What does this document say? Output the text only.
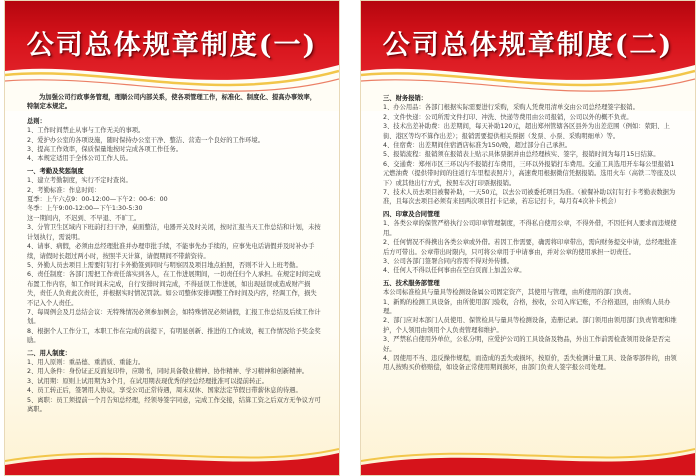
公司总体规章制度(一)
为加强公司行政事务管理，理顺公司内部关系，使各项管理工作，标准化、制度化、提高办事效率，特制定本规定。
总则：
1、工作时间禁止从事与工作无关的事项。
2、爱护办公室的各项设施，随时保持办公室干净、整洁、营造一个良好的工作环境。
3、提高工作效率，保质保量地按时完成各项工作任务。
4、本规定适用于全体公司工作人员。
一、考勤及奖惩制度
1、建立考勤制度，实行不定时查岗。
2、考勤标准：作息时间：
夏季：上午六点9：00-12:00—下午2：00-6：00
冬季：上午9:00-12:00—下午1:30-5:30
这一期间内，不迟到、不早退、不旷工。
3、分管卫生区域内下班前打扫干净，桌面整洁，电器开关及时关闭，按时汇报当天工作总结和计划，未按计划执行，需说明。
4、请事、病假，必须由总经理批准并办理审批手续，不能事先办手续的，应事先电话请假并及时补办手续，请假时长超过两小时，按照半天计算，请假期间不带薪资待。
5、外勤人员去项目上需要钉钉打卡外勤签到同时与明察因及项目地点拍照，否则不计入上班考勤。
6、责任制度：各部门需把工作责任落实到各人，在工作进展期间，一切责任归个人承担。在规定时间完成布置工作内容，如工作时间未完成，自行安排时间完成，不得延误工作进展，如出现延误或造成财产损失，责任人负责此次责任，并根据实时情况罚款。如公司整体安排调整工作时间及内容，经调工作，损失不记入个人责任。
7、每周例会及月总结会议：无特殊情况必须参加例会，如特殊情况必须请假，汇报工作总结及后续工作计划。
8、根据个人工作分工，本职工作在完成的前提下，有明显创新、推进的工作成效，视工作情况给予奖金奖励。
二、用人制度：
1、用人原则：重品德、重潜质、重能力。
2、用人条件：身份证正反面复印件，应聘书，同时具备敬业精神、协作精神、学习精神和创新精神。
3、试用期：原则上试用期为3个月，在试用期表现优秀的经总经理批准可以提前转正。
4、员工转正后，签署用人协议，享受公司正常待遇，周末双休、国家法定节假日带薪休息的待遇。
5、离职：员工须提前一个月告知总经理，经领导签字同意，完成工作交接，结算工资之后双方无争议方可离职。
公司总体规章制度(二)
三、财务报销：
1、办公用品：各部门根据实际需要进行采购，采购人凭费用清单交由公司总经理签字报销。
2、文件快递：公司所需文件打印、冲洗、快递等费用由公司报销，公司以外的概不负责。
3、技术出差补助费：出差期间，每天补助120元，超出郑州管辖各区县外为出差范围（例如：荥阳、上街、港区等均不算作出差）；报销需要提供相关票据（发票、小票、采购明细单）等。
4、住宿费：出差期间住宿酒店标准为150/晚，超过部分自己承担。
5、报销流程：报销须在报销表上贴示具体票据并由总经理核实、签字，报销时间为每月15日结算。
6、交通费：郑州市区三环以内不报销打车费用，三环以外报销打车费用。交通工具选用开车每公里报销1元燃油费（提供带时间的往返行车里程表照片），高速费用根据微信凭据报销。选用火车（高铁二等座及以下）或其他出行方式，按照车次打印票据报销。
7、技术人员去项目被餐补助，一天50元，以去公司被委托项目为准。（被餐补助以钉钉打卡考勤表数据为准，且每次去项目必须有来回两次项目打卡记录，若忘记打卡，每月有4次补卡机会）
四、印章及合同管理
1、各类公章的保管严格执行公司印章管理制度，不得私自使用公章，不得外借，不因任何人要求而违规使用。
2、任何情况不得携出各类公章或外借。若因工作需要，确需将印章带出，需向财务提交申请，总经理批准后方可带出。公章带出时限内，只可将公章用于申请事由，并对公章的使用承担一切责任。
3、公司各部门签署合同内容需不得对外传播。
4、任何人不得以任何事由在空白页面上加盖公章。
五、技术服务部管理
本公司标准检具与量具等检测设备属公司固定资产，其使用与管理，由所使用的部门负责。
1、新购的检测工具设备，由所使用部门验收，合格，按收，公司入库记账，不合格退回，由所购人员办理。
2、部门应对本部门人员使用、保管检具与量具等检测设备，造册记录。部门领用由领用部门负责管理和维护，个人领用由领用个人负责管理和维护。
3、严禁私自使用外单位，公私分明，应爱护公司的工具设备及物品，外出工作前需检查领用设备是否完好。
4、因使用不当、违反操作规程，而造成的丢失或损坏，按原价，丢失检测计量工具、设备零部件的，由领用人按购买价格赔偿，如设备正常使用期间损坏，由部门负责人签字报公司处理。
